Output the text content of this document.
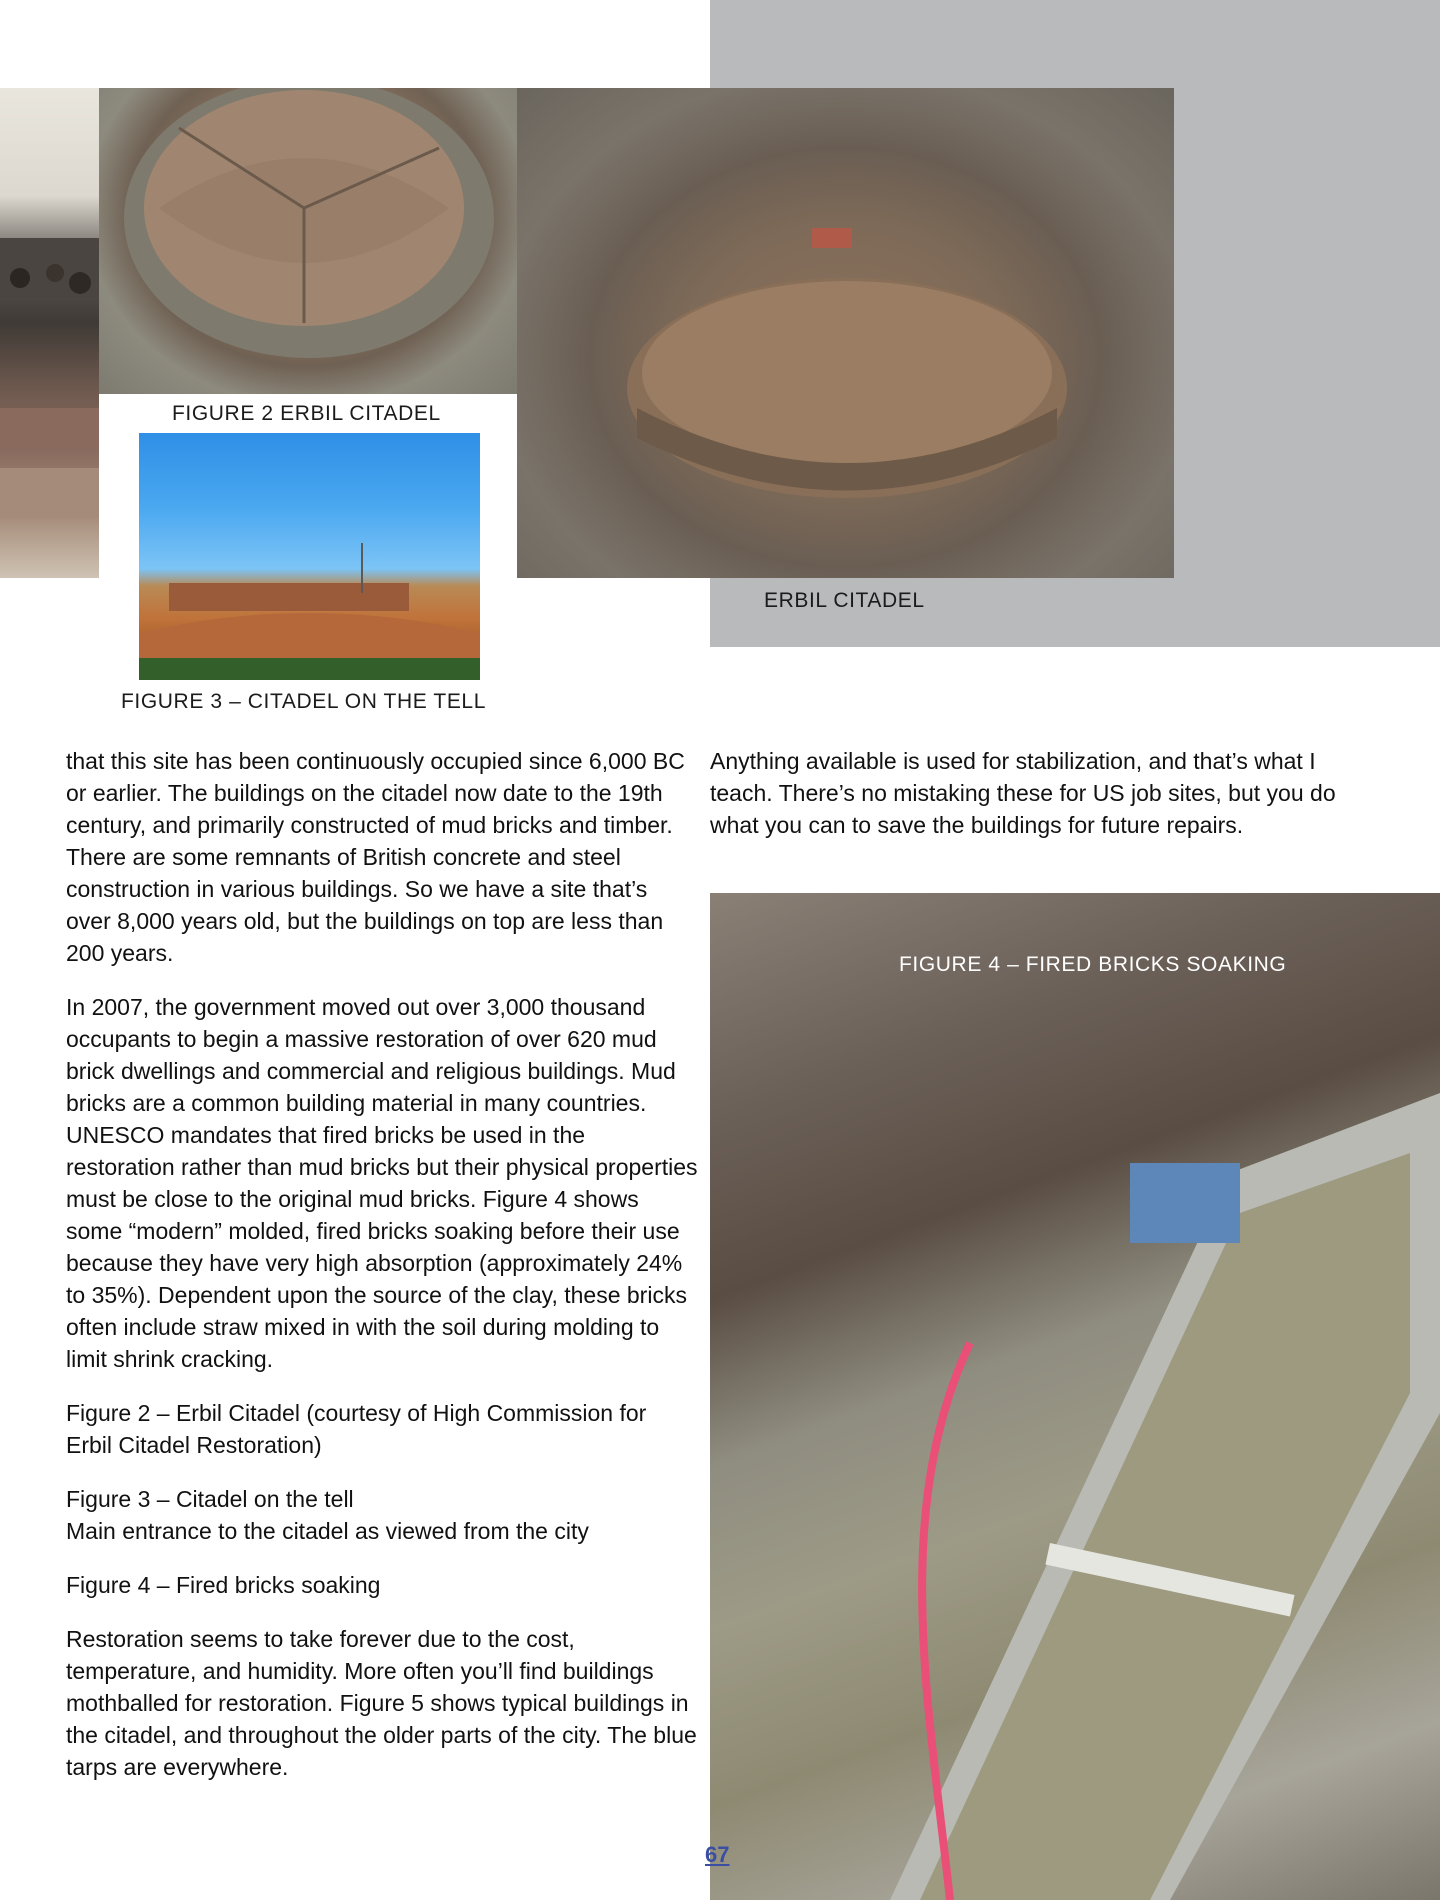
FIGURE 2 ERBIL CITADEL
ERBIL CITADEL
FIGURE 3 – CITADEL ON THE TELL
FIGURE 4 – FIRED BRICKS SOAKING

that this site has been continuously occupied since 6,000 BC or earlier. The buildings on the citadel now date to the 19th century, and primarily constructed of mud bricks and timber. There are some remnants of British concrete and steel construction in various buildings. So we have a site that’s over 8,000 years old, but the buildings on top are less than 200 years.

In 2007, the government moved out over 3,000 thousand occupants to begin a massive restoration of over 620 mud brick dwellings and commercial and religious buildings. Mud bricks are a common building material in many countries. UNESCO mandates that fired bricks be used in the restoration rather than mud bricks but their physical properties must be close to the original mud bricks. Figure 4 shows some “modern” molded, fired bricks soaking before their use because they have very high absorption (approximately 24% to 35%). Dependent upon the source of the clay, these bricks often include straw mixed in with the soil during molding to limit shrink cracking.

Figure 2 – Erbil Citadel (courtesy of High Commission for Erbil Citadel Restoration)

Figure 3 – Citadel on the tell
Main entrance to the citadel as viewed from the city

Figure 4 – Fired bricks soaking

Restoration seems to take forever due to the cost, temperature, and humidity. More often you’ll find buildings mothballed for restoration. Figure 5 shows typical buildings in the citadel, and throughout the older parts of the city. The blue tarps are everywhere.

Anything available is used for stabilization, and that’s what I teach. There’s no mistaking these for US job sites, but you do what you can to save the buildings for future repairs.

67
